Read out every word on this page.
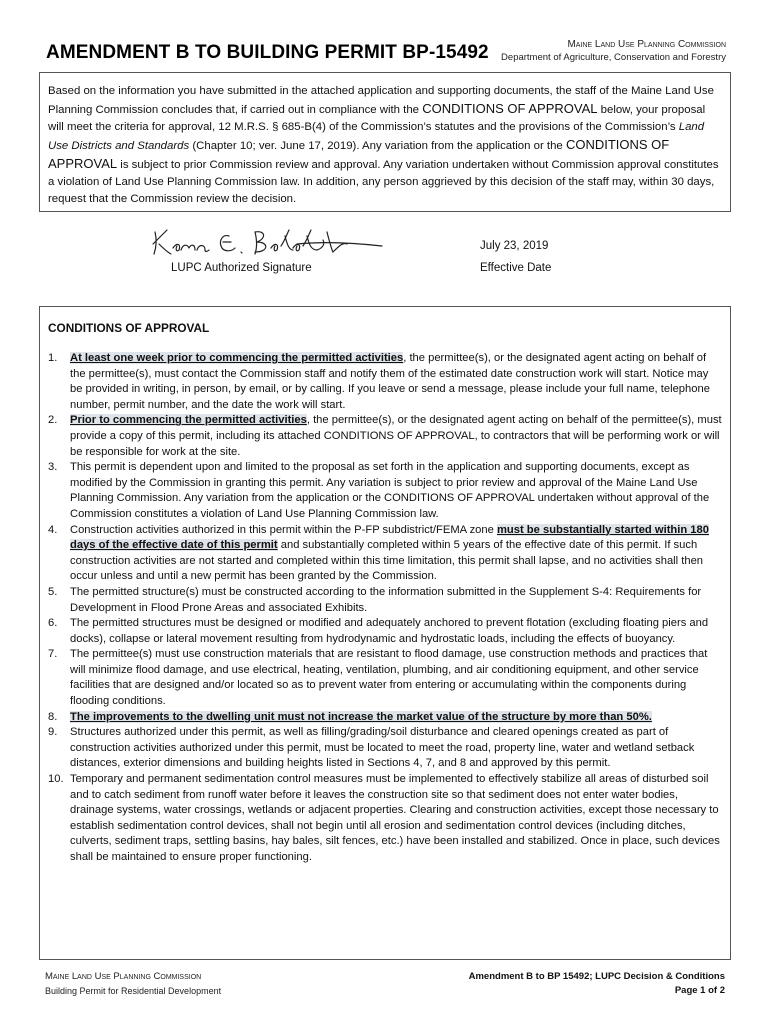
AMENDMENT B TO BUILDING PERMIT BP-15492	Maine Land Use Planning Commission
Department of Agriculture, Conservation and Forestry

Based on the information you have submitted in the attached application and supporting documents, the staff of the Maine Land Use Planning Commission concludes that, if carried out in compliance with the CONDITIONS OF APPROVAL below, your proposal will meet the criteria for approval, 12 M.R.S. § 685-B(4) of the Commission’s statutes and the provisions of the Commission’s Land Use Districts and Standards (Chapter 10; ver. June 17, 2019). Any variation from the application or the CONDITIONS OF APPROVAL is subject to prior Commission review and approval. Any variation undertaken without Commission approval constitutes a violation of Land Use Planning Commission law. In addition, any person aggrieved by this decision of the staff may, within 30 days, request that the Commission review the decision.

LUPC Authorized Signature
July 23, 2019
Effective Date
CONDITIONS OF APPROVAL
1. At least one week prior to commencing the permitted activities, the permittee(s), or the designated agent acting on behalf of the permittee(s), must contact the Commission staff and notify them of the estimated date construction work will start. Notice may be provided in writing, in person, by email, or by calling. If you leave or send a message, please include your full name, telephone number, permit number, and the date the work will start.
2. Prior to commencing the permitted activities, the permittee(s), or the designated agent acting on behalf of the permittee(s), must provide a copy of this permit, including its attached CONDITIONS OF APPROVAL, to contractors that will be performing work or will be responsible for work at the site.
3. This permit is dependent upon and limited to the proposal as set forth in the application and supporting documents, except as modified by the Commission in granting this permit. Any variation is subject to prior review and approval of the Maine Land Use Planning Commission. Any variation from the application or the CONDITIONS OF APPROVAL undertaken without approval of the Commission constitutes a violation of Land Use Planning Commission law.
4. Construction activities authorized in this permit within the P-FP subdistrict/FEMA zone must be substantially started within 180 days of the effective date of this permit and substantially completed within 5 years of the effective date of this permit. If such construction activities are not started and completed within this time limitation, this permit shall lapse, and no activities shall then occur unless and until a new permit has been granted by the Commission.
5. The permitted structure(s) must be constructed according to the information submitted in the Supplement S-4: Requirements for Development in Flood Prone Areas and associated Exhibits.
6. The permitted structures must be designed or modified and adequately anchored to prevent flotation (excluding floating piers and docks), collapse or lateral movement resulting from hydrodynamic and hydrostatic loads, including the effects of buoyancy.
7. The permittee(s) must use construction materials that are resistant to flood damage, use construction methods and practices that will minimize flood damage, and use electrical, heating, ventilation, plumbing, and air conditioning equipment, and other service facilities that are designed and/or located so as to prevent water from entering or accumulating within the components during flooding conditions.
8. The improvements to the dwelling unit must not increase the market value of the structure by more than 50%.
9. Structures authorized under this permit, as well as filling/grading/soil disturbance and cleared openings created as part of construction activities authorized under this permit, must be located to meet the road, property line, water and wetland setback distances, exterior dimensions and building heights listed in Sections 4, 7, and 8 and approved by this permit.
10. Temporary and permanent sedimentation control measures must be implemented to effectively stabilize all areas of disturbed soil and to catch sediment from runoff water before it leaves the construction site so that sediment does not enter water bodies, drainage systems, water crossings, wetlands or adjacent properties. Clearing and construction activities, except those necessary to establish sedimentation control devices, shall not begin until all erosion and sedimentation control devices (including ditches, culverts, sediment traps, settling basins, hay bales, silt fences, etc.) have been installed and stabilized. Once in place, such devices shall be maintained to ensure proper functioning.
Maine Land Use Planning Commission
Building Permit for Residential Development
Amendment B to BP 15492; LUPC Decision & Conditions
Page 1 of 2
